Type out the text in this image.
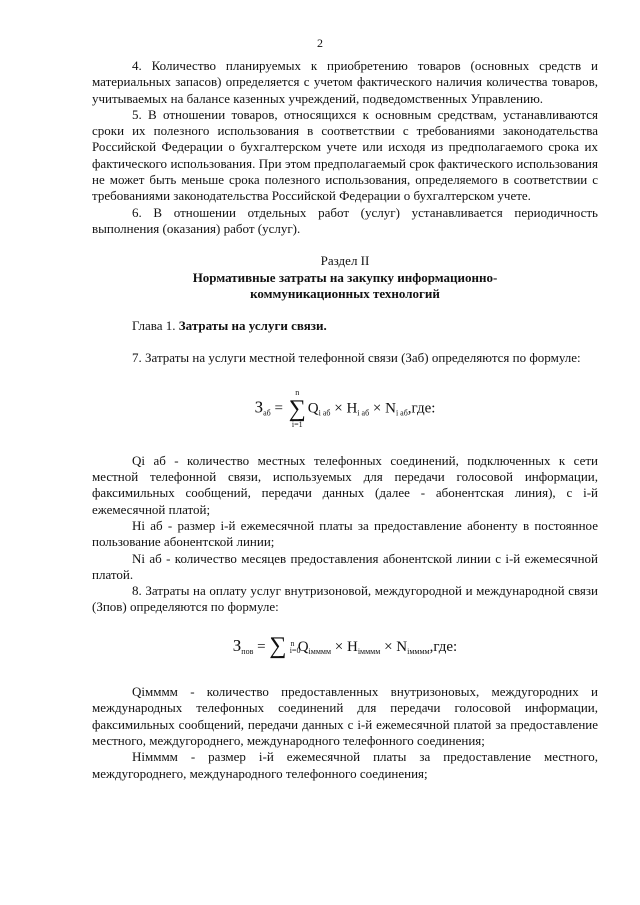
2

4. Количество планируемых к приобретению товаров (основных средств и материальных запасов) определяется с учетом фактического наличия количества товаров, учитываемых на балансе казенных учреждений, подведомственных Управлению.

5. В отношении товаров, относящихся к основным средствам, устанавливаются сроки их полезного использования в соответствии с требованиями законодательства Российской Федерации о бухгалтерском учете или исходя из предполагаемого срока их фактического использования. При этом предполагаемый срок фактического использования не может быть меньше срока полезного использования, определяемого в соответствии с требованиями законодательства Российской Федерации о бухгалтерском учете.

6. В отношении отдельных работ (услуг) устанавливается периодичность выполнения (оказания) работ (услуг).

Раздел II

Нормативные затраты на закупку информационно-

коммуникационных технологий

Глава 1. Затраты на услуги связи.

7. Затраты на услуги местной телефонной связи (Заб) определяются по формуле:

$З_{аб}$ =
n
∑
i=1
$Q_{i аб} \times H_{i аб} \times N_{i аб},где$:

Qi аб - количество местных телефонных соединений, подключенных к сети местной телефонной связи, используемых для передачи голосовой информации, факсимильных сообщений, передачи данных (далее - абонентская линия), с i-й ежемесячной платой;

Hi аб - размер i-й ежемесячной платы за предоставление абоненту в постоянное пользование абонентской линии;

Ni аб - количество месяцев предоставления абонентской линии с i-й ежемесячной платой.

8. Затраты на оплату услуг внутризоновой, междугородной и международной связи (Зпов) определяются по формуле:

$З_{пов}$ = ∑ n
i=0
$Q_{iмммм} \times H_{iмммм} \times N_{iмммм},где$:

Qiмммм - количество предоставленных внутризоновых, междугородних и международных телефонных соединений для передачи голосовой информации, факсимильных сообщений, передачи данных с i-й ежемесячной платой за предоставление местного, междугороднего, международного телефонного соединения;

Hiмммм - размер i-й ежемесячной платы за предоставление местного, междугороднего, международного телефонного соединения;
